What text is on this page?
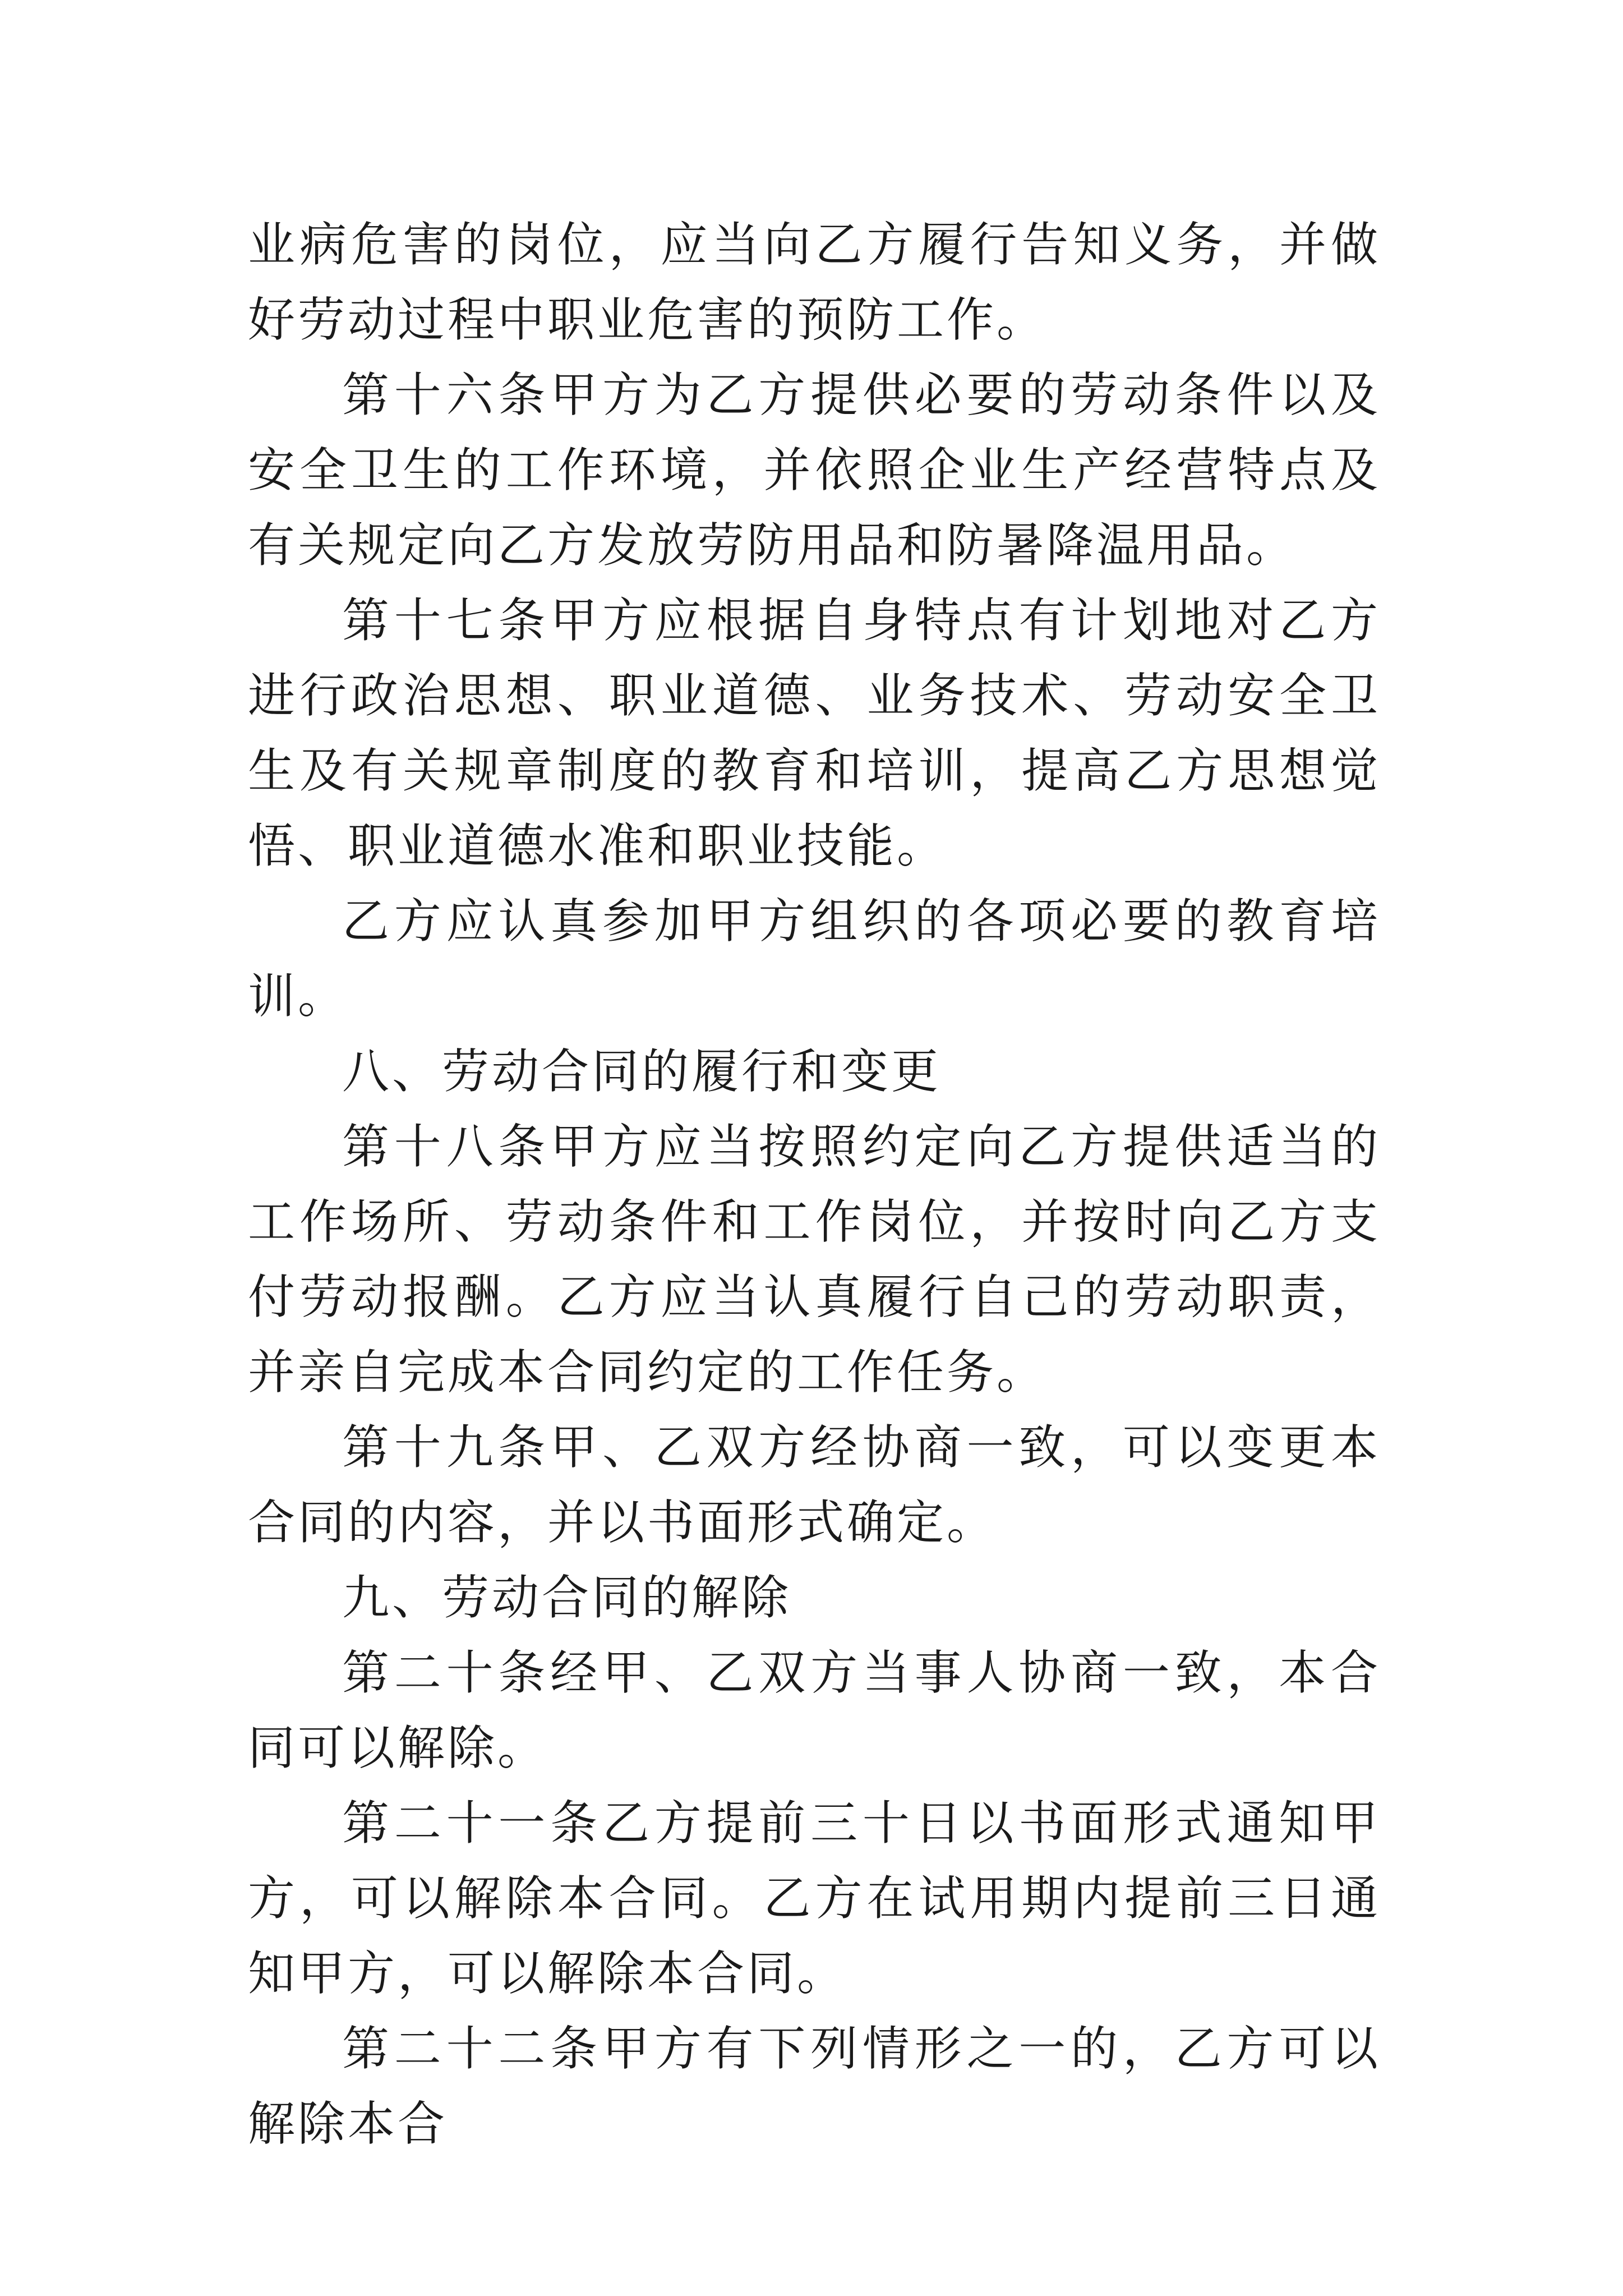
业病危害的岗位，应当向乙方履行告知义务，并做好劳动过程中职业危害的预防工作。

第十六条甲方为乙方提供必要的劳动条件以及安全卫生的工作环境，并依照企业生产经营特点及有关规定向乙方发放劳防用品和防暑降温用品。

第十七条甲方应根据自身特点有计划地对乙方进行政治思想、职业道德、业务技术、劳动安全卫生及有关规章制度的教育和培训，提高乙方思想觉悟、职业道德水准和职业技能。

乙方应认真参加甲方组织的各项必要的教育培训。

八、劳动合同的履行和变更

第十八条甲方应当按照约定向乙方提供适当的工作场所、劳动条件和工作岗位，并按时向乙方支付劳动报酬。乙方应当认真履行自己的劳动职责，并亲自完成本合同约定的工作任务。

第十九条甲、乙双方经协商一致，可以变更本合同的内容，并以书面形式确定。

九、劳动合同的解除

第二十条经甲、乙双方当事人协商一致，本合同可以解除。

第二十一条乙方提前三十日以书面形式通知甲方，可以解除本合同。乙方在试用期内提前三日通知甲方，可以解除本合同。

第二十二条甲方有下列情形之一的，乙方可以解除本合
